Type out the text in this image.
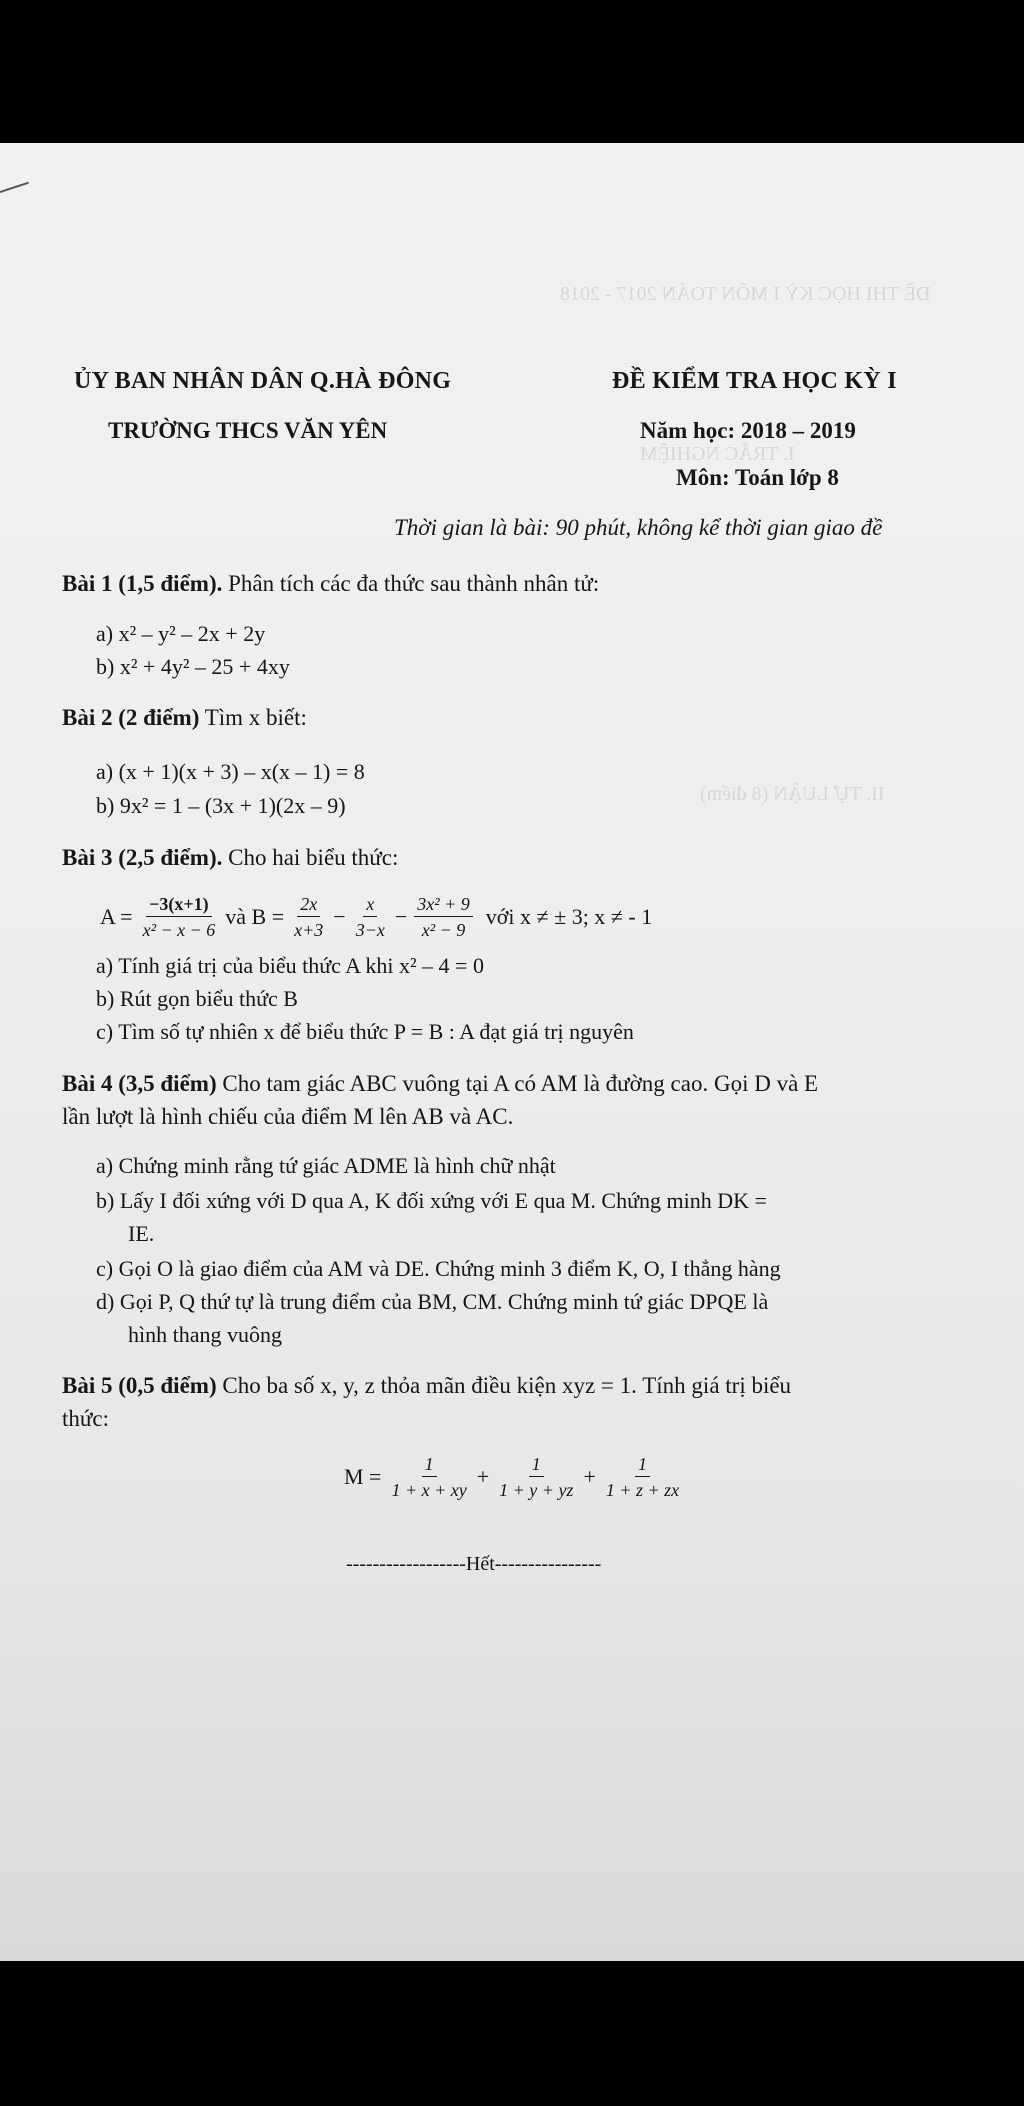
ĐỀ THI HỌC KỲ I MÔN TOÁN 2017 - 2018
I. TRẮC NGHIỆM
II. TỰ LUẬN (8 điểm)
ỦY BAN NHÂN DÂN Q.HÀ ĐÔNG	ĐỀ KIỂM TRA HỌC KỲ I
TRƯỜNG THCS VĂN YÊN	Năm học: 2018 – 2019
Môn: Toán lớp 8
Thời gian là bài: 90 phút, không kể thời gian giao đề
Bài 1 (1,5 điểm). Phân tích các đa thức sau thành nhân tử:
a) x² – y² – 2x + 2y
b) x² + 4y² – 25 + 4xy
Bài 2 (2 điểm) Tìm x biết:
a) (x + 1)(x + 3) – x(x – 1) = 8
b) 9x² = 1 – (3x + 1)(2x – 9)
Bài 3 (2,5 điểm). Cho hai biểu thức:
$A = \frac{-3(x+1)}{\text{x² − x − 6}}$ và $B = \frac{2x}{x+3} - \frac{x}{3-x} - \frac{\text{3x² + 9}}{\text{x² − 9}}$ với x ≠ ± 3; x ≠ - 1
a) Tính giá trị của biểu thức A khi x² – 4 = 0
b) Rút gọn biểu thức B
c) Tìm số tự nhiên x để biểu thức P = B : A đạt giá trị nguyên
Bài 4 (3,5 điểm) Cho tam giác ABC vuông tại A có AM là đường cao. Gọi D và E
lần lượt là hình chiếu của điểm M lên AB và AC.
a) Chứng minh rằng tứ giác ADME là hình chữ nhật
b) Lấy I đối xứng với D qua A, K đối xứng với E qua M. Chứng minh DK =
IE.
c) Gọi O là giao điểm của AM và DE. Chứng minh 3 điểm K, O, I thẳng hàng
d) Gọi P, Q thứ tự là trung điểm của BM, CM. Chứng minh tứ giác DPQE là
hình thang vuông
Bài 5 (0,5 điểm) Cho ba số x, y, z thỏa mãn điều kiện xyz = 1. Tính giá trị biểu
thức:
$M = \frac{1}{1 + x + xy} + \frac{1}{1 + y + yz} + \frac{1}{1 + z + zx}$
------------------Hết----------------
